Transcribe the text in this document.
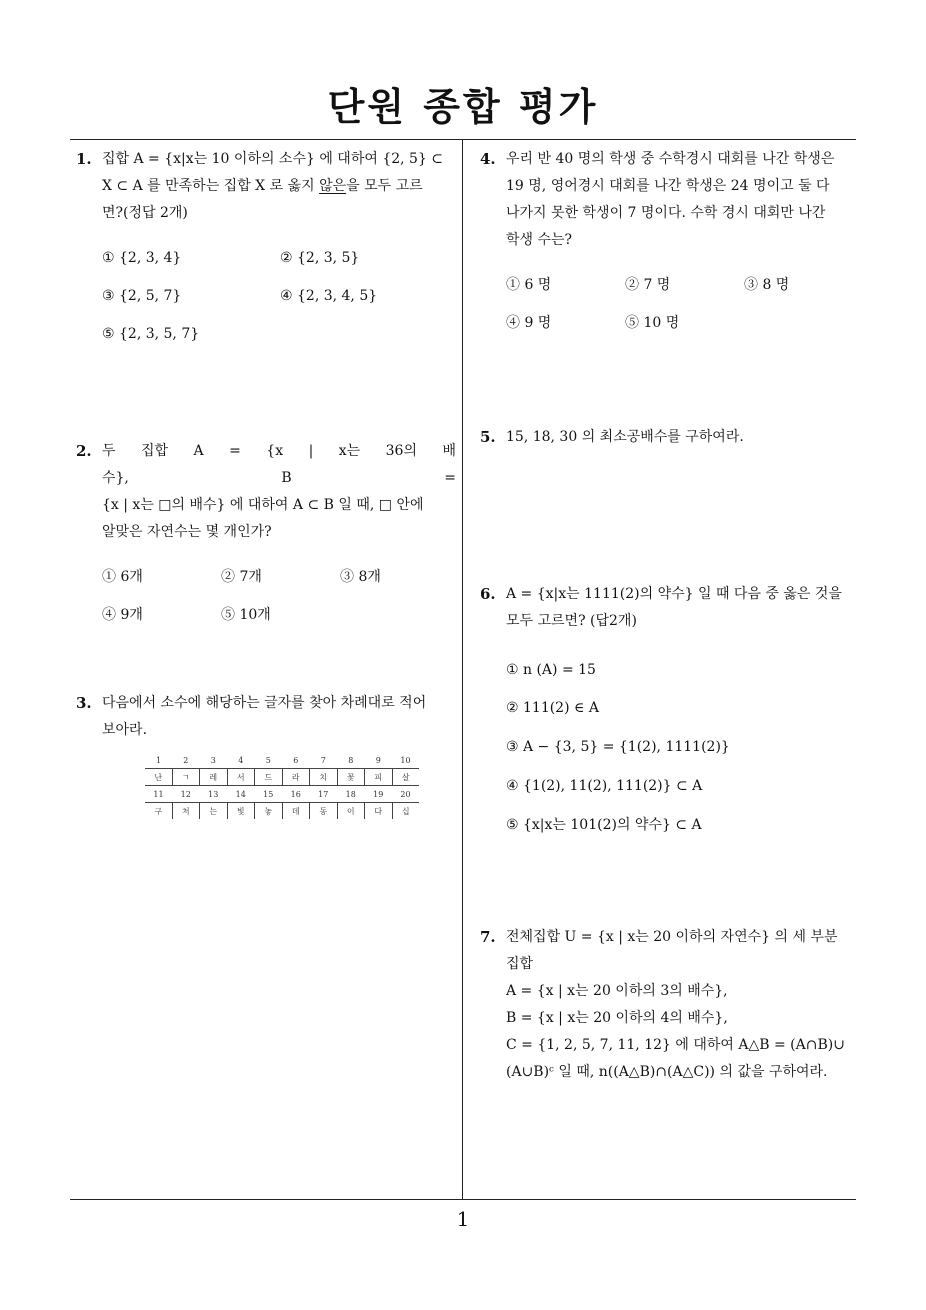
단원 종합 평가
1
1. 집합 A = {x|x는 10 이하의 소수} 에 대하여 {2, 5} ⊂
X ⊂ A 를 만족하는 집합 X 로 옳지 않은을 모두 고르
면?(정답 2개)
① {2, 3, 4}	② {2, 3, 5}
③ {2, 5, 7}	④ {2, 3, 4, 5}
⑤ {2, 3, 5, 7}
2. 두 집합 A = {x | x는 36의 배수}, B =
{x | x는 □의 배수} 에 대하여 A ⊂ B 일 때, □ 안에
알맞은 자연수는 몇 개인가?
① 6개	② 7개	③ 8개
④ 9개	⑤ 10개
3. 다음에서 소수에 해당하는 글자를 찾아 차례대로 적어
보아라.
1	2	3	4	5	6	7	8	9	10
난	ㄱ	레	서	드	라	치	꽃	피	살
11	12	13	14	15	16	17	18	19	20
구	처	는	빛	놓	데	동	이	다	십
4. 우리 반 40 명의 학생 중 수학경시 대회를 나간 학생은
19 명, 영어경시 대회를 나간 학생은 24 명이고 둘 다
나가지 못한 학생이 7 명이다. 수학 경시 대회만 나간
학생 수는?
① 6 명	② 7 명	③ 8 명
④ 9 명	⑤ 10 명
5. 15, 18, 30 의 최소공배수를 구하여라.
6. A = {x|x는 1111(2)의 약수} 일 때 다음 중 옳은 것을
모두 고르면? (답2개)
① n (A) = 15
② 111(2) ∈ A
③ A − {3, 5} = {1(2), 1111(2)}
④ {1(2), 11(2), 111(2)} ⊂ A
⑤ {x|x는 101(2)의 약수} ⊂ A
7. 전체집합 U = {x | x는 20 이하의 자연수} 의 세 부분
집합
A = {x | x는 20 이하의 3의 배수},
B = {x | x는 20 이하의 4의 배수},
C = {1, 2, 5, 7, 11, 12} 에 대하여 A△B = (A∩B)∪
(A∪B)ᶜ 일 때, n((A△B)∩(A△C)) 의 값을 구하여라.
